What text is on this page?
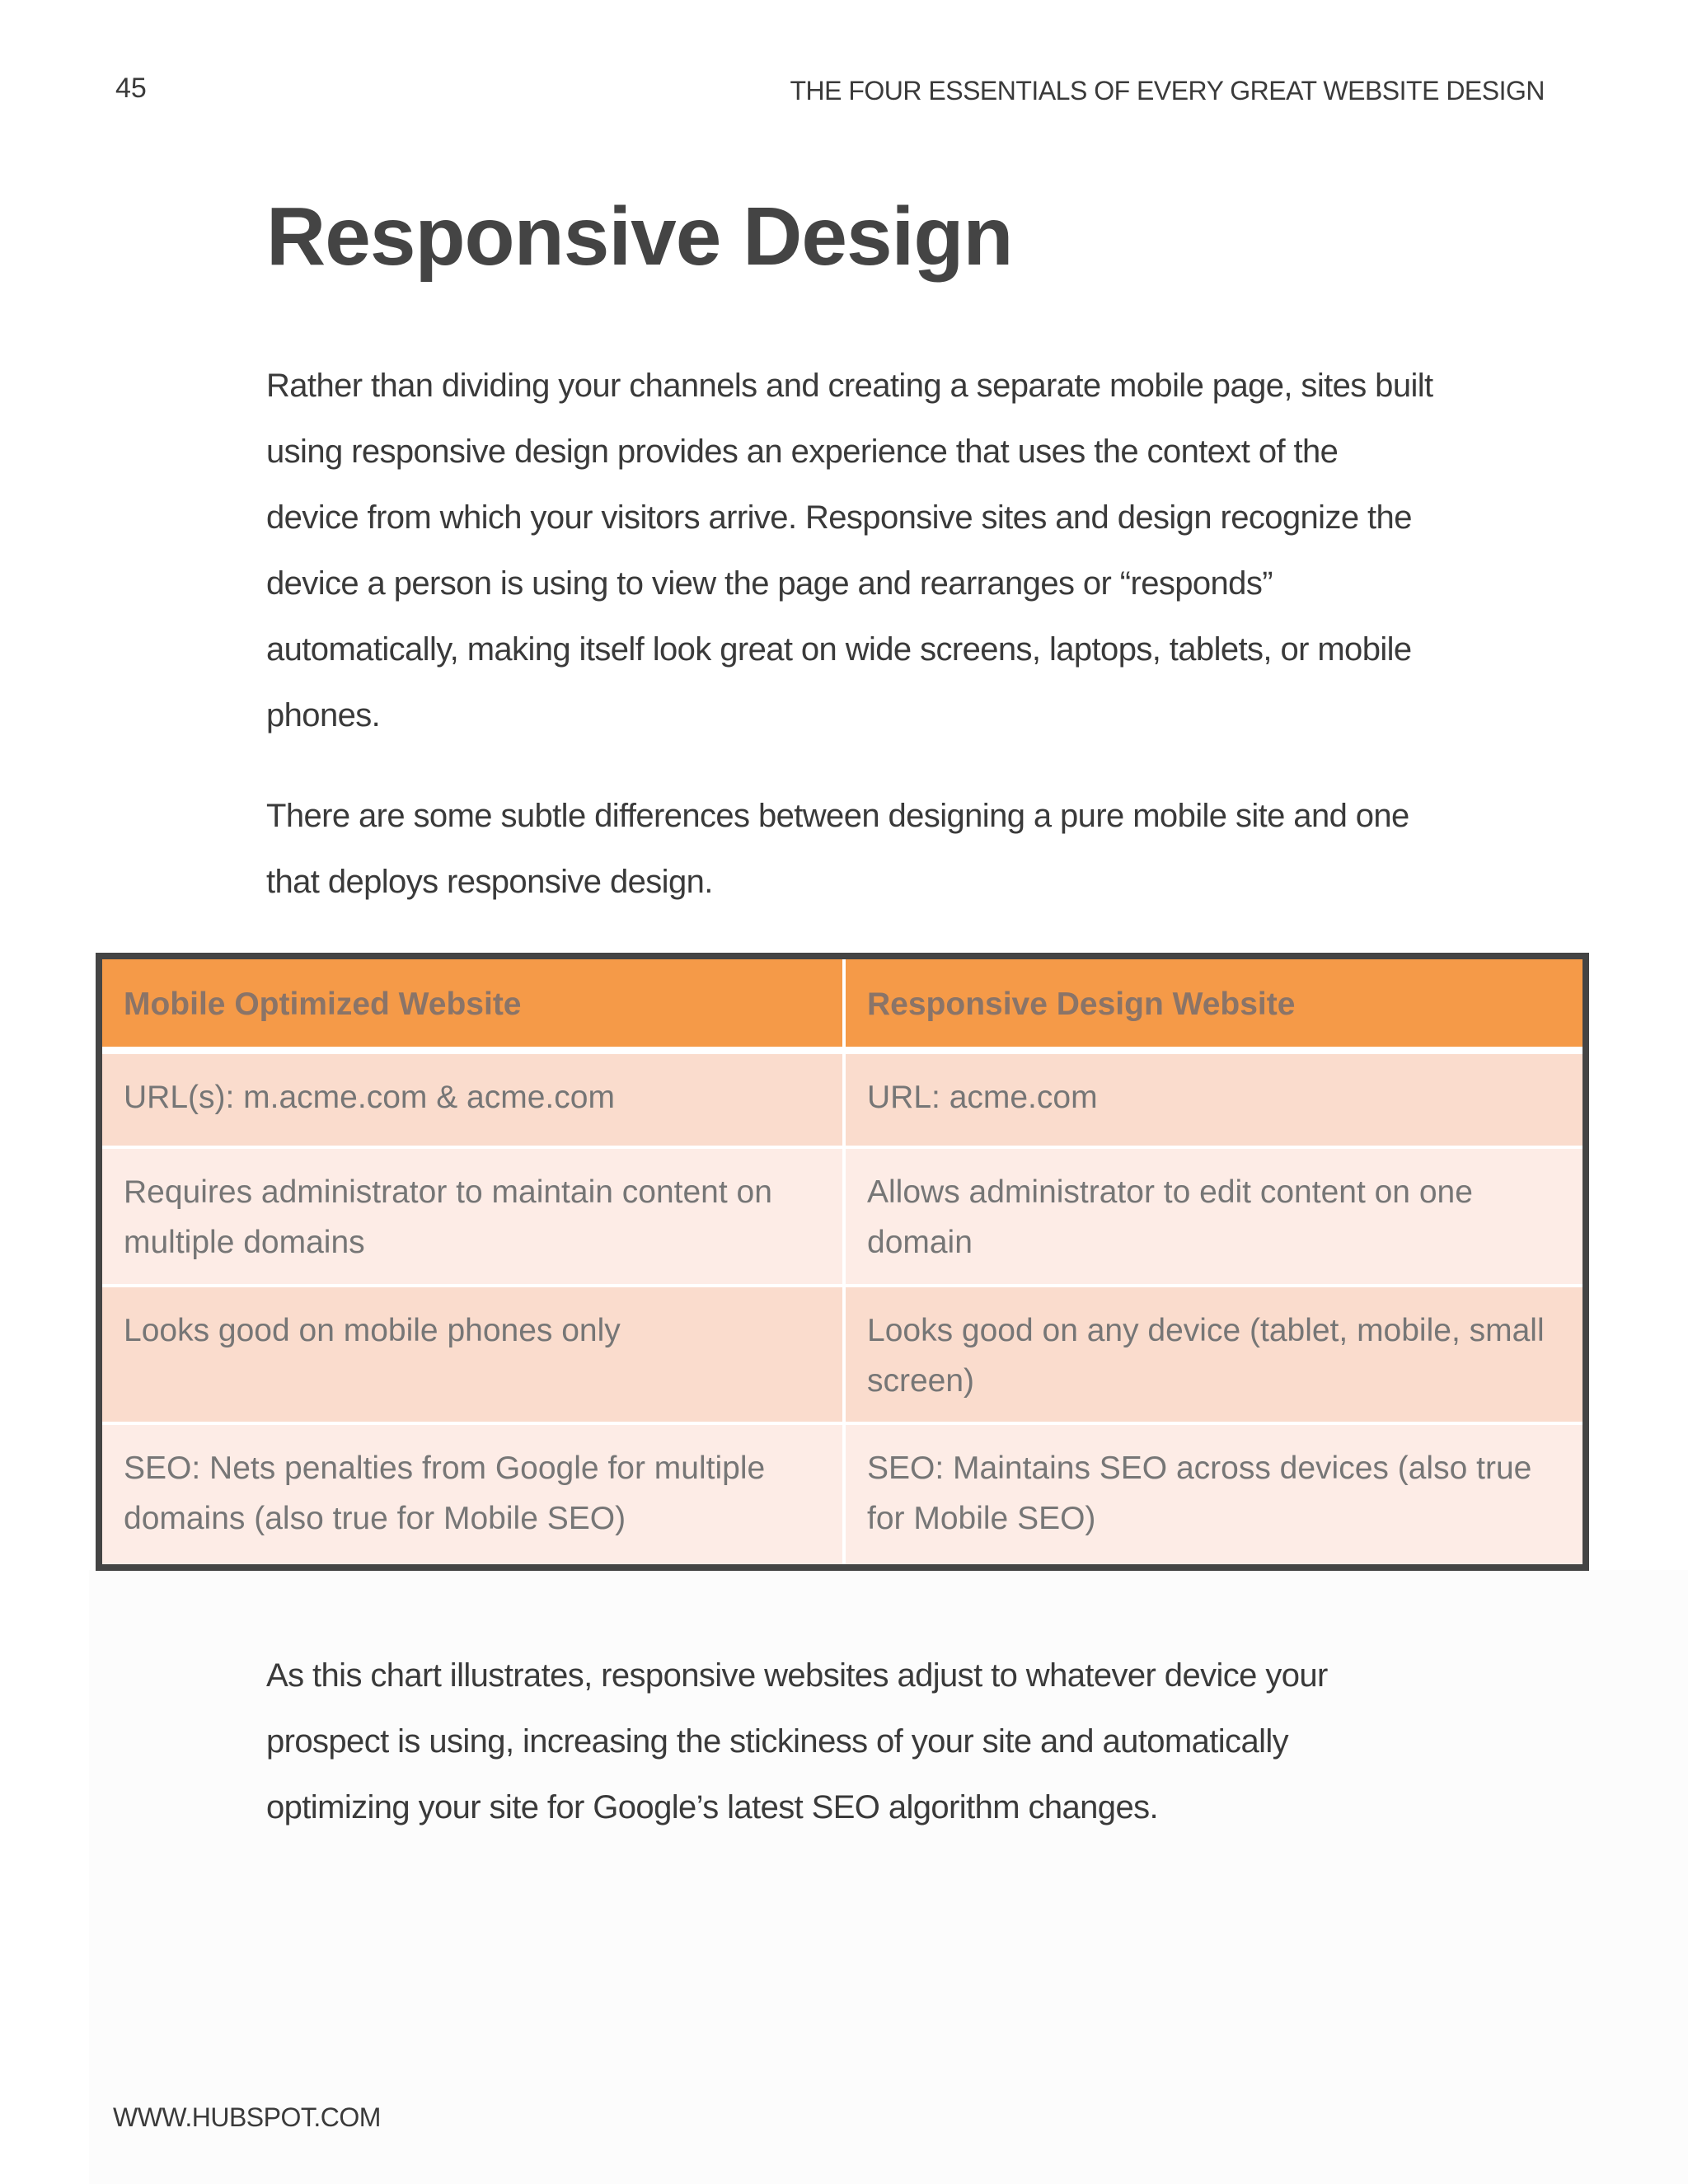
45	THE FOUR ESSENTIALS OF EVERY GREAT WEBSITE DESIGN
Responsive Design

Rather than dividing your channels and creating a separate mobile page, sites built using responsive design provides an experience that uses the context of the device from which your visitors arrive. Responsive sites and design recognize the device a person is using to view the page and rearranges or “responds” automatically, making itself look great on wide screens, laptops, tablets, or mobile phones.

There are some subtle differences between designing a pure mobile site and one that deploys responsive design.

Mobile Optimized Website	Responsive Design Website
URL(s): m.acme.com & acme.com	URL: acme.com
Requires administrator to maintain content on multiple domains	Allows administrator to edit content on one domain
Looks good on mobile phones only	Looks good on any device (tablet, mobile, small screen)
SEO: Nets penalties from Google for multiple domains (also true for Mobile SEO)	SEO: Maintains SEO across devices (also true for Mobile SEO)

As this chart illustrates, responsive websites adjust to whatever device your prospect is using, increasing the stickiness of your site and automatically optimizing your site for Google’s latest SEO algorithm changes.

WWW.HUBSPOT.COM
